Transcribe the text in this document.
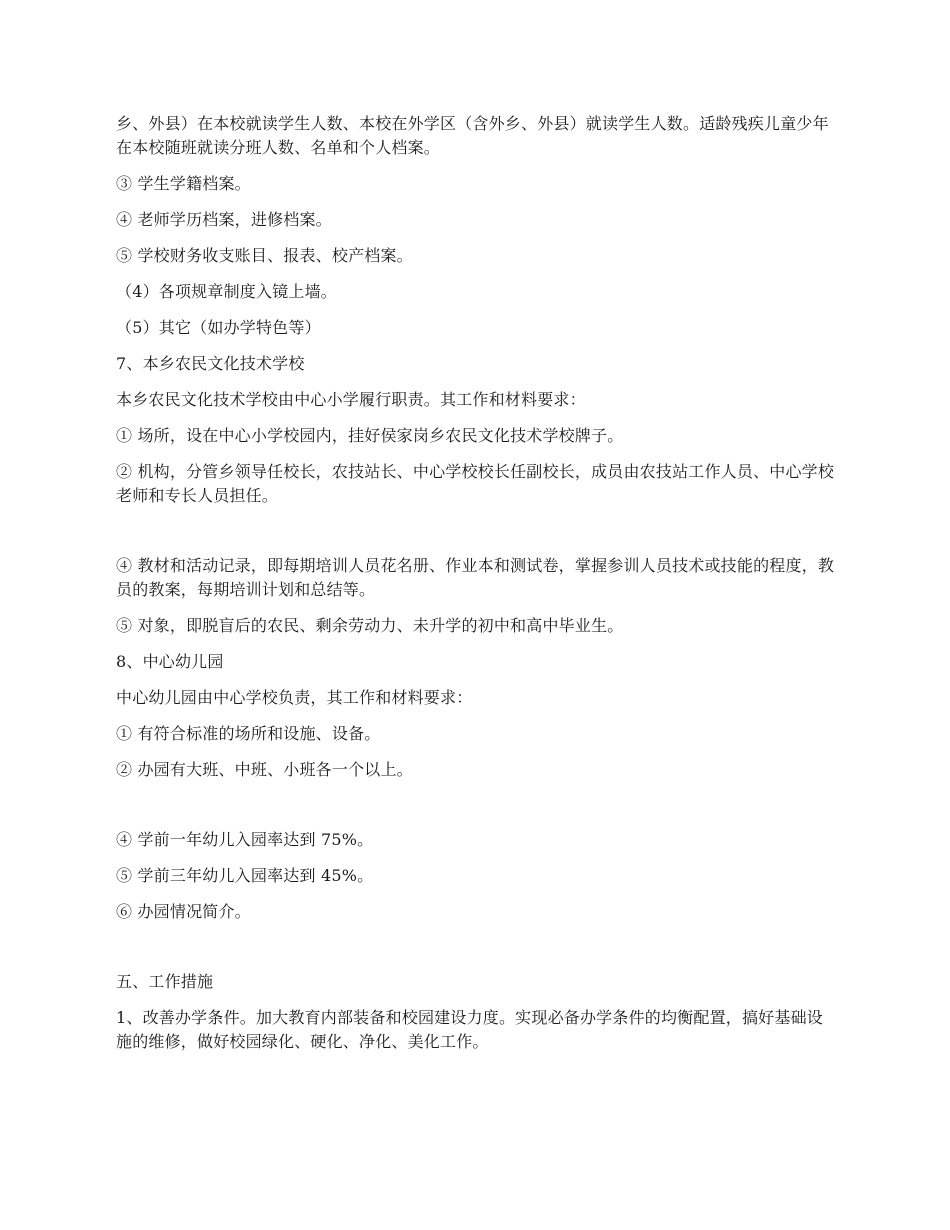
乡、外县）在本校就读学生人数、本校在外学区（含外乡、外县）就读学生人数。适龄残疾儿童少年在本校随班就读分班人数、名单和个人档案。

③ 学生学籍档案。

④ 老师学历档案，进修档案。

⑤ 学校财务收支账目、报表、校产档案。

（4）各项规章制度入镜上墙。

（5）其它（如办学特色等）

7、本乡农民文化技术学校

本乡农民文化技术学校由中心小学履行职责。其工作和材料要求：

① 场所，设在中心小学校园内，挂好侯家岗乡农民文化技术学校牌子。

② 机构，分管乡领导任校长，农技站长、中心学校校长任副校长，成员由农技站工作人员、中心学校老师和专长人员担任。

④ 教材和活动记录，即每期培训人员花名册、作业本和测试卷，掌握参训人员技术或技能的程度，教员的教案，每期培训计划和总结等。

⑤ 对象，即脱盲后的农民、剩余劳动力、未升学的初中和高中毕业生。

8、中心幼儿园

中心幼儿园由中心学校负责，其工作和材料要求：

① 有符合标准的场所和设施、设备。

② 办园有大班、中班、小班各一个以上。

④ 学前一年幼儿入园率达到 75%。

⑤ 学前三年幼儿入园率达到 45%。

⑥ 办园情况简介。

五、工作措施

1、改善办学条件。加大教育内部装备和校园建设力度。实现必备办学条件的均衡配置，搞好基础设施的维修，做好校园绿化、硬化、净化、美化工作。
